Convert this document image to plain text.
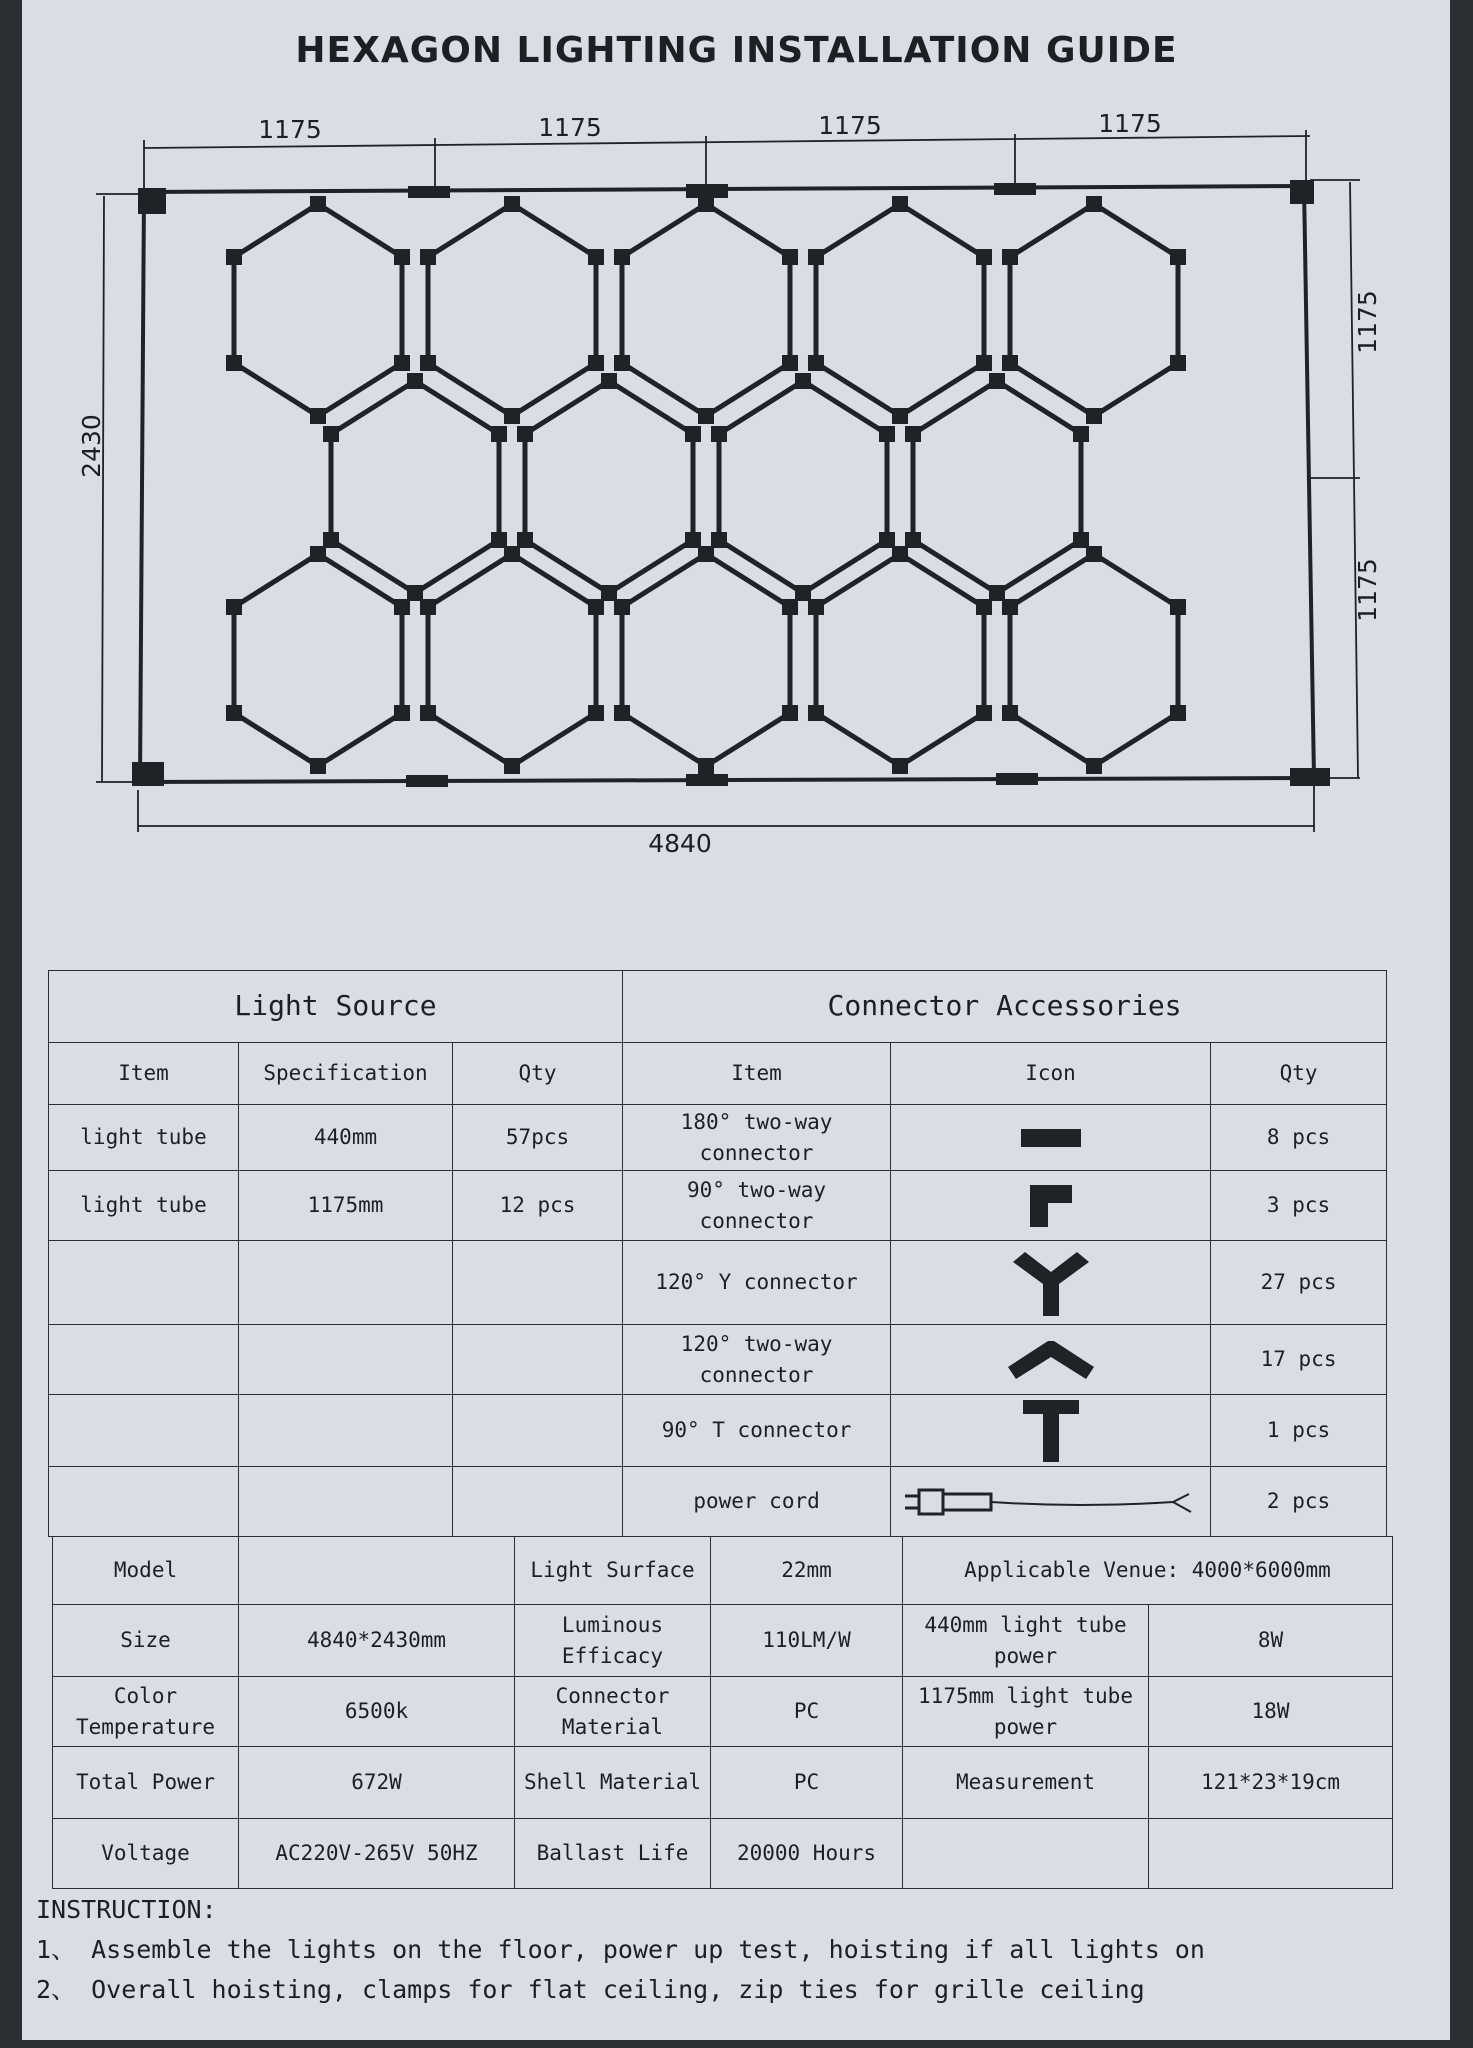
HEXAGON LIGHTING INSTALLATION GUIDE
1175	1175	1175	1175
1175
1175
2430
4840
Light Source			Connector Accessories		
Item	Specification	Qty	Item	Icon	Qty
light tube	440mm	57pcs	180° two-way connector		8 pcs
light tube	1175mm	12 pcs	90° two-way connector		3 pcs
			120° Y connector		27 pcs
			120° two-way connector		17 pcs
			90° T connector		1 pcs
			power cord		2 pcs
Model		Light Surface	22mm	Applicable Venue: 4000*6000mm	
Size	4840*2430mm	Luminous Efficacy	110LM/W	440mm light tube power	8W
Color Temperature	6500k	Connector Material	PC	1175mm light tube power	18W
Total Power	672W	Shell Material	PC	Measurement	121*23*19cm
Voltage	AC220V-265V 50HZ	Ballast Life	20000 Hours		
INSTRUCTION:
1、 Assemble the lights on the floor, power up test, hoisting if all lights on
2、 Overall hoisting, clamps for flat ceiling, zip ties for grille ceiling
